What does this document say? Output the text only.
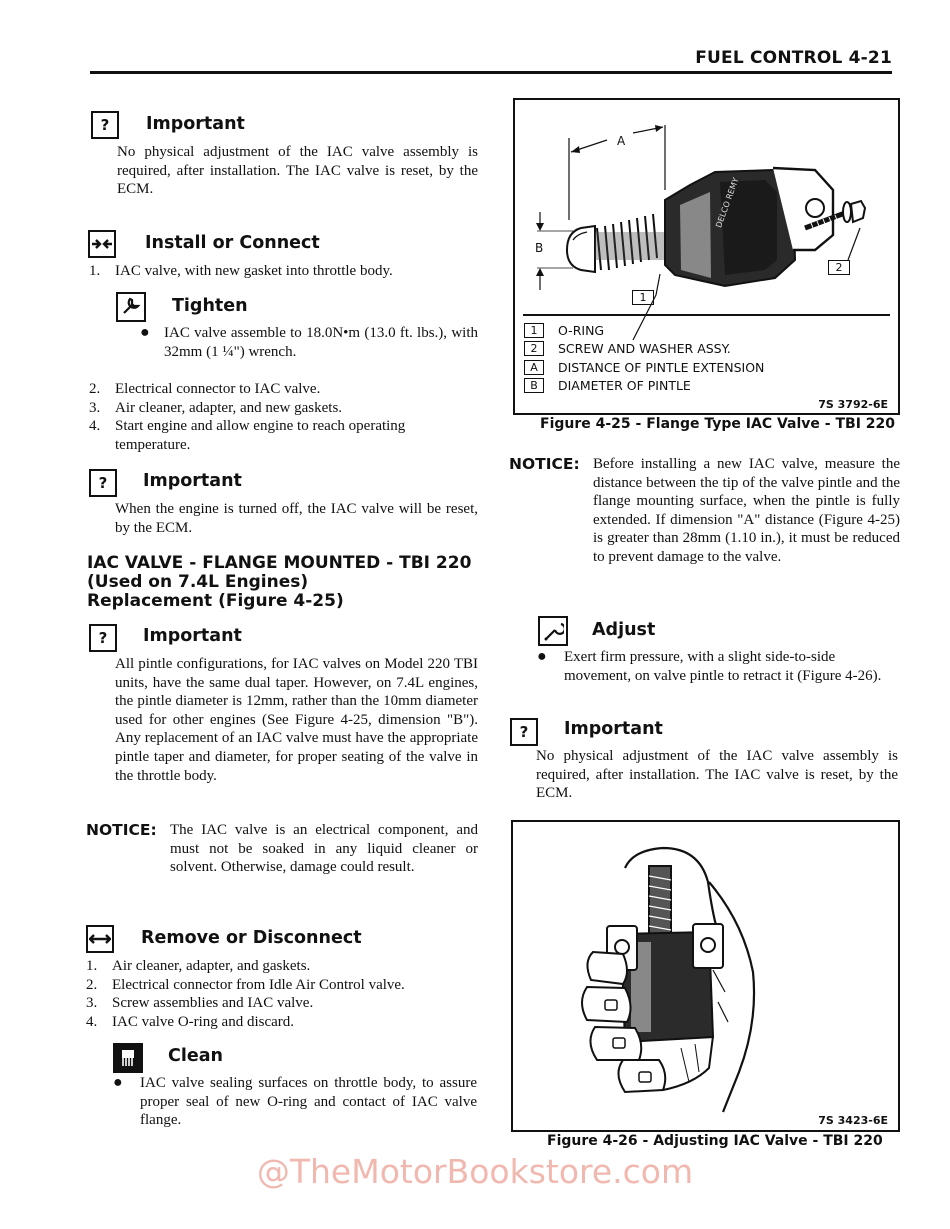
FUEL CONTROL 4-21
?	Important
No physical adjustment of the IAC valve assembly is required, after installation. The IAC valve is reset, by the ECM.
Install or Connect
1. IAC valve, with new gasket into throttle body.
Tighten
● IAC valve assemble to 18.0N•m (13.0 ft. lbs.), with 32mm (1 ¼") wrench.
2. Electrical connector to IAC valve.
3. Air cleaner, adapter, and new gaskets.
4. Start engine and allow engine to reach operating temperature.
?	Important
When the engine is turned off, the IAC valve will be reset, by the ECM.
IAC VALVE - FLANGE MOUNTED - TBI 220
(Used on 7.4L Engines)
Replacement (Figure 4-25)
?	Important
All pintle configurations, for IAC valves on Model 220 TBI units, have the same dual taper. However, on 7.4L engines, the pintle diameter is 12mm, rather than the 10mm diameter used for other engines (See Figure 4-25, dimension "B"). Any replacement of an IAC valve must have the appropriate pintle taper and diameter, for proper seating of the valve in the throttle body.
NOTICE: The IAC valve is an electrical component, and must not be soaked in any liquid cleaner or solvent. Otherwise, damage could result.
Remove or Disconnect
1. Air cleaner, adapter, and gaskets.
2. Electrical connector from Idle Air Control valve.
3. Screw assemblies and IAC valve.
4. IAC valve O-ring and discard.
Clean
●	IAC valve sealing surfaces on throttle body, to assure proper seal of new O-ring and contact of IAC valve flange.
DELCO REMY
A
B
1
2
1	O-RING
2	SCREW AND WASHER ASSY.
A	DISTANCE OF PINTLE EXTENSION
B	DIAMETER OF PINTLE
7S 3792-6E
Figure 4-25 - Flange Type IAC Valve - TBI 220
NOTICE: Before installing a new IAC valve, measure the distance between the tip of the valve pintle and the flange mounting surface, when the pintle is fully extended. If dimension "A" distance (Figure 4-25) is greater than 28mm (1.10 in.), it must be reduced to prevent damage to the valve.
Adjust
●	Exert firm pressure, with a slight side-to-side movement, on valve pintle to retract it (Figure 4-26).
?	Important
No physical adjustment of the IAC valve assembly is required, after installation. The IAC valve is reset, by the ECM.
7S 3423-6E
Figure 4-26 - Adjusting IAC Valve - TBI 220
@TheMotorBookstore.com
